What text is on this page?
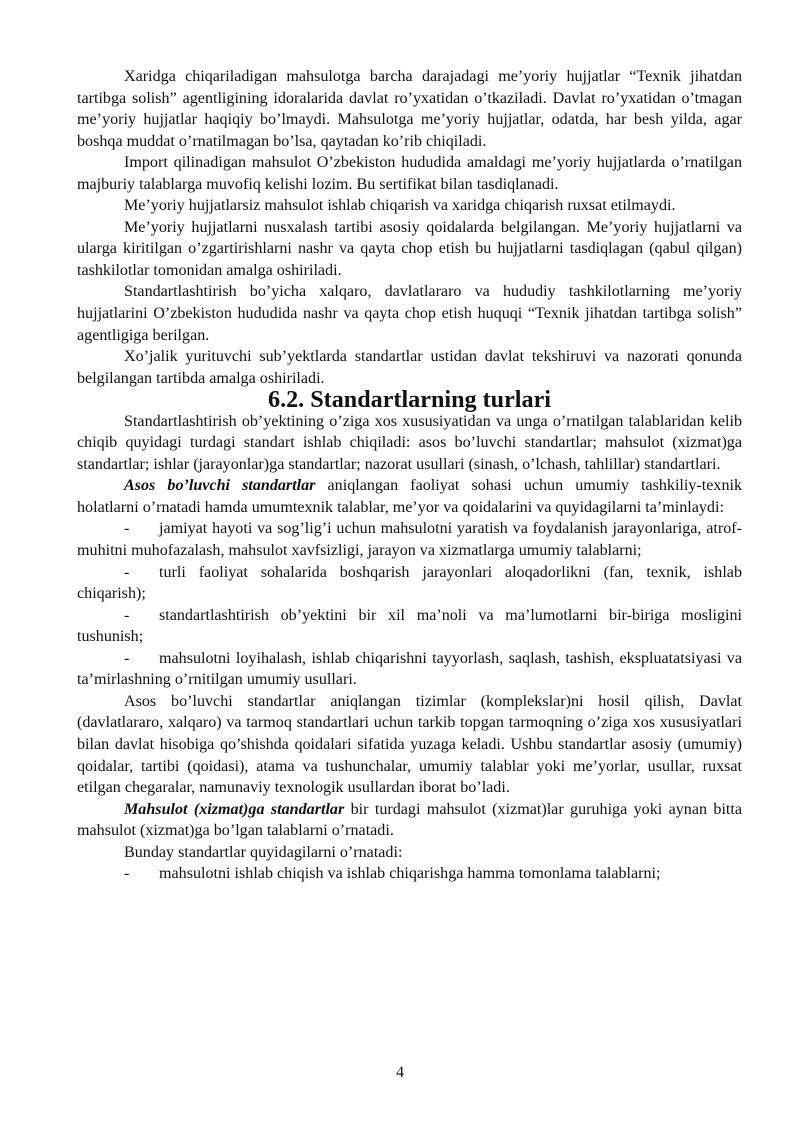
Xaridga chiqariladigan mahsulotga barcha darajadagi me’yoriy hujjatlar “Texnik jihatdan tartibga solish” agentligining idoralarida davlat ro’yxatidan o’tkaziladi. Davlat ro’yxatidan o’tmagan me’yoriy hujjatlar haqiqiy bo’lmaydi. Mahsulotga me’yoriy hujjatlar, odatda, har besh yilda, agar boshqa muddat o’rnatilmagan bo’lsa, qaytadan ko’rib chiqiladi.

Import qilinadigan mahsulot O’zbekiston hududida amaldagi me’yoriy hujjatlarda o’rnatilgan majburiy talablarga muvofiq kelishi lozim. Bu sertifikat bilan tasdiqlanadi.

Me’yoriy hujjatlarsiz mahsulot ishlab chiqarish va xaridga chiqarish ruxsat etilmaydi.

Me’yoriy hujjatlarni nusxalash tartibi asosiy qoidalarda belgilangan. Me’yoriy hujjatlarni va ularga kiritilgan o’zgartirishlarni nashr va qayta chop etish bu hujjatlarni tasdiqlagan (qabul qilgan) tashkilotlar tomonidan amalga oshiriladi.

Standartlashtirish bo’yicha xalqaro, davlatlararo va hududiy tashkilotlarning me’yoriy hujjatlarini O’zbekiston hududida nashr va qayta chop etish huquqi “Texnik jihatdan tartibga solish” agentligiga berilgan.

Xo’jalik yurituvchi sub’yektlarda standartlar ustidan davlat tekshiruvi va nazorati qonunda belgilangan tartibda amalga oshiriladi.

6.2. Standartlarning turlari

Standartlashtirish ob’yektining o’ziga xos xususiyatidan va unga o’rnatilgan talablaridan kelib chiqib quyidagi turdagi standart ishlab chiqiladi: asos bo’luvchi standartlar; mahsulot (xizmat)ga standartlar; ishlar (jarayonlar)ga standartlar; nazorat usullari (sinash, o’lchash, tahlillar) standartlari.

Asos bo’luvchi standartlar aniqlangan faoliyat sohasi uchun umumiy tashkiliy-texnik holatlarni o’rnatadi hamda umumtexnik talablar, me’yor va qoidalarini va quyidagilarni ta’minlaydi:

- jamiyat hayoti va sog’lig’i uchun mahsulotni yaratish va foydalanish jarayonlariga, atrof-muhitni muhofazalash, mahsulot xavfsizligi, jarayon va xizmatlarga umumiy talablarni;

- turli faoliyat sohalarida boshqarish jarayonlari aloqadorlikni (fan, texnik, ishlab chiqarish);

- standartlashtirish ob’yektini bir xil ma’noli va ma’lumotlarni bir-biriga mosligini tushunish;

- mahsulotni loyihalash, ishlab chiqarishni tayyorlash, saqlash, tashish, ekspluatatsiyasi va ta’mirlashning o’rnitilgan umumiy usullari.

Asos bo’luvchi standartlar aniqlangan tizimlar (komplekslar)ni hosil qilish, Davlat (davlatlararo, xalqaro) va tarmoq standartlari uchun tarkib topgan tarmoqning o’ziga xos xususiyatlari bilan davlat hisobiga qo’shishda qoidalari sifatida yuzaga keladi. Ushbu standartlar asosiy (umumiy) qoidalar, tartibi (qoidasi), atama va tushunchalar, umumiy talablar yoki me’yorlar, usullar, ruxsat etilgan chegaralar, namunaviy texnologik usullardan iborat bo’ladi.

Mahsulot (xizmat)ga standartlar bir turdagi mahsulot (xizmat)lar guruhiga yoki aynan bitta mahsulot (xizmat)ga bo’lgan talablarni o’rnatadi.

Bunday standartlar quyidagilarni o’rnatadi:

- mahsulotni ishlab chiqish va ishlab chiqarishga hamma tomonlama talablarni;

4
